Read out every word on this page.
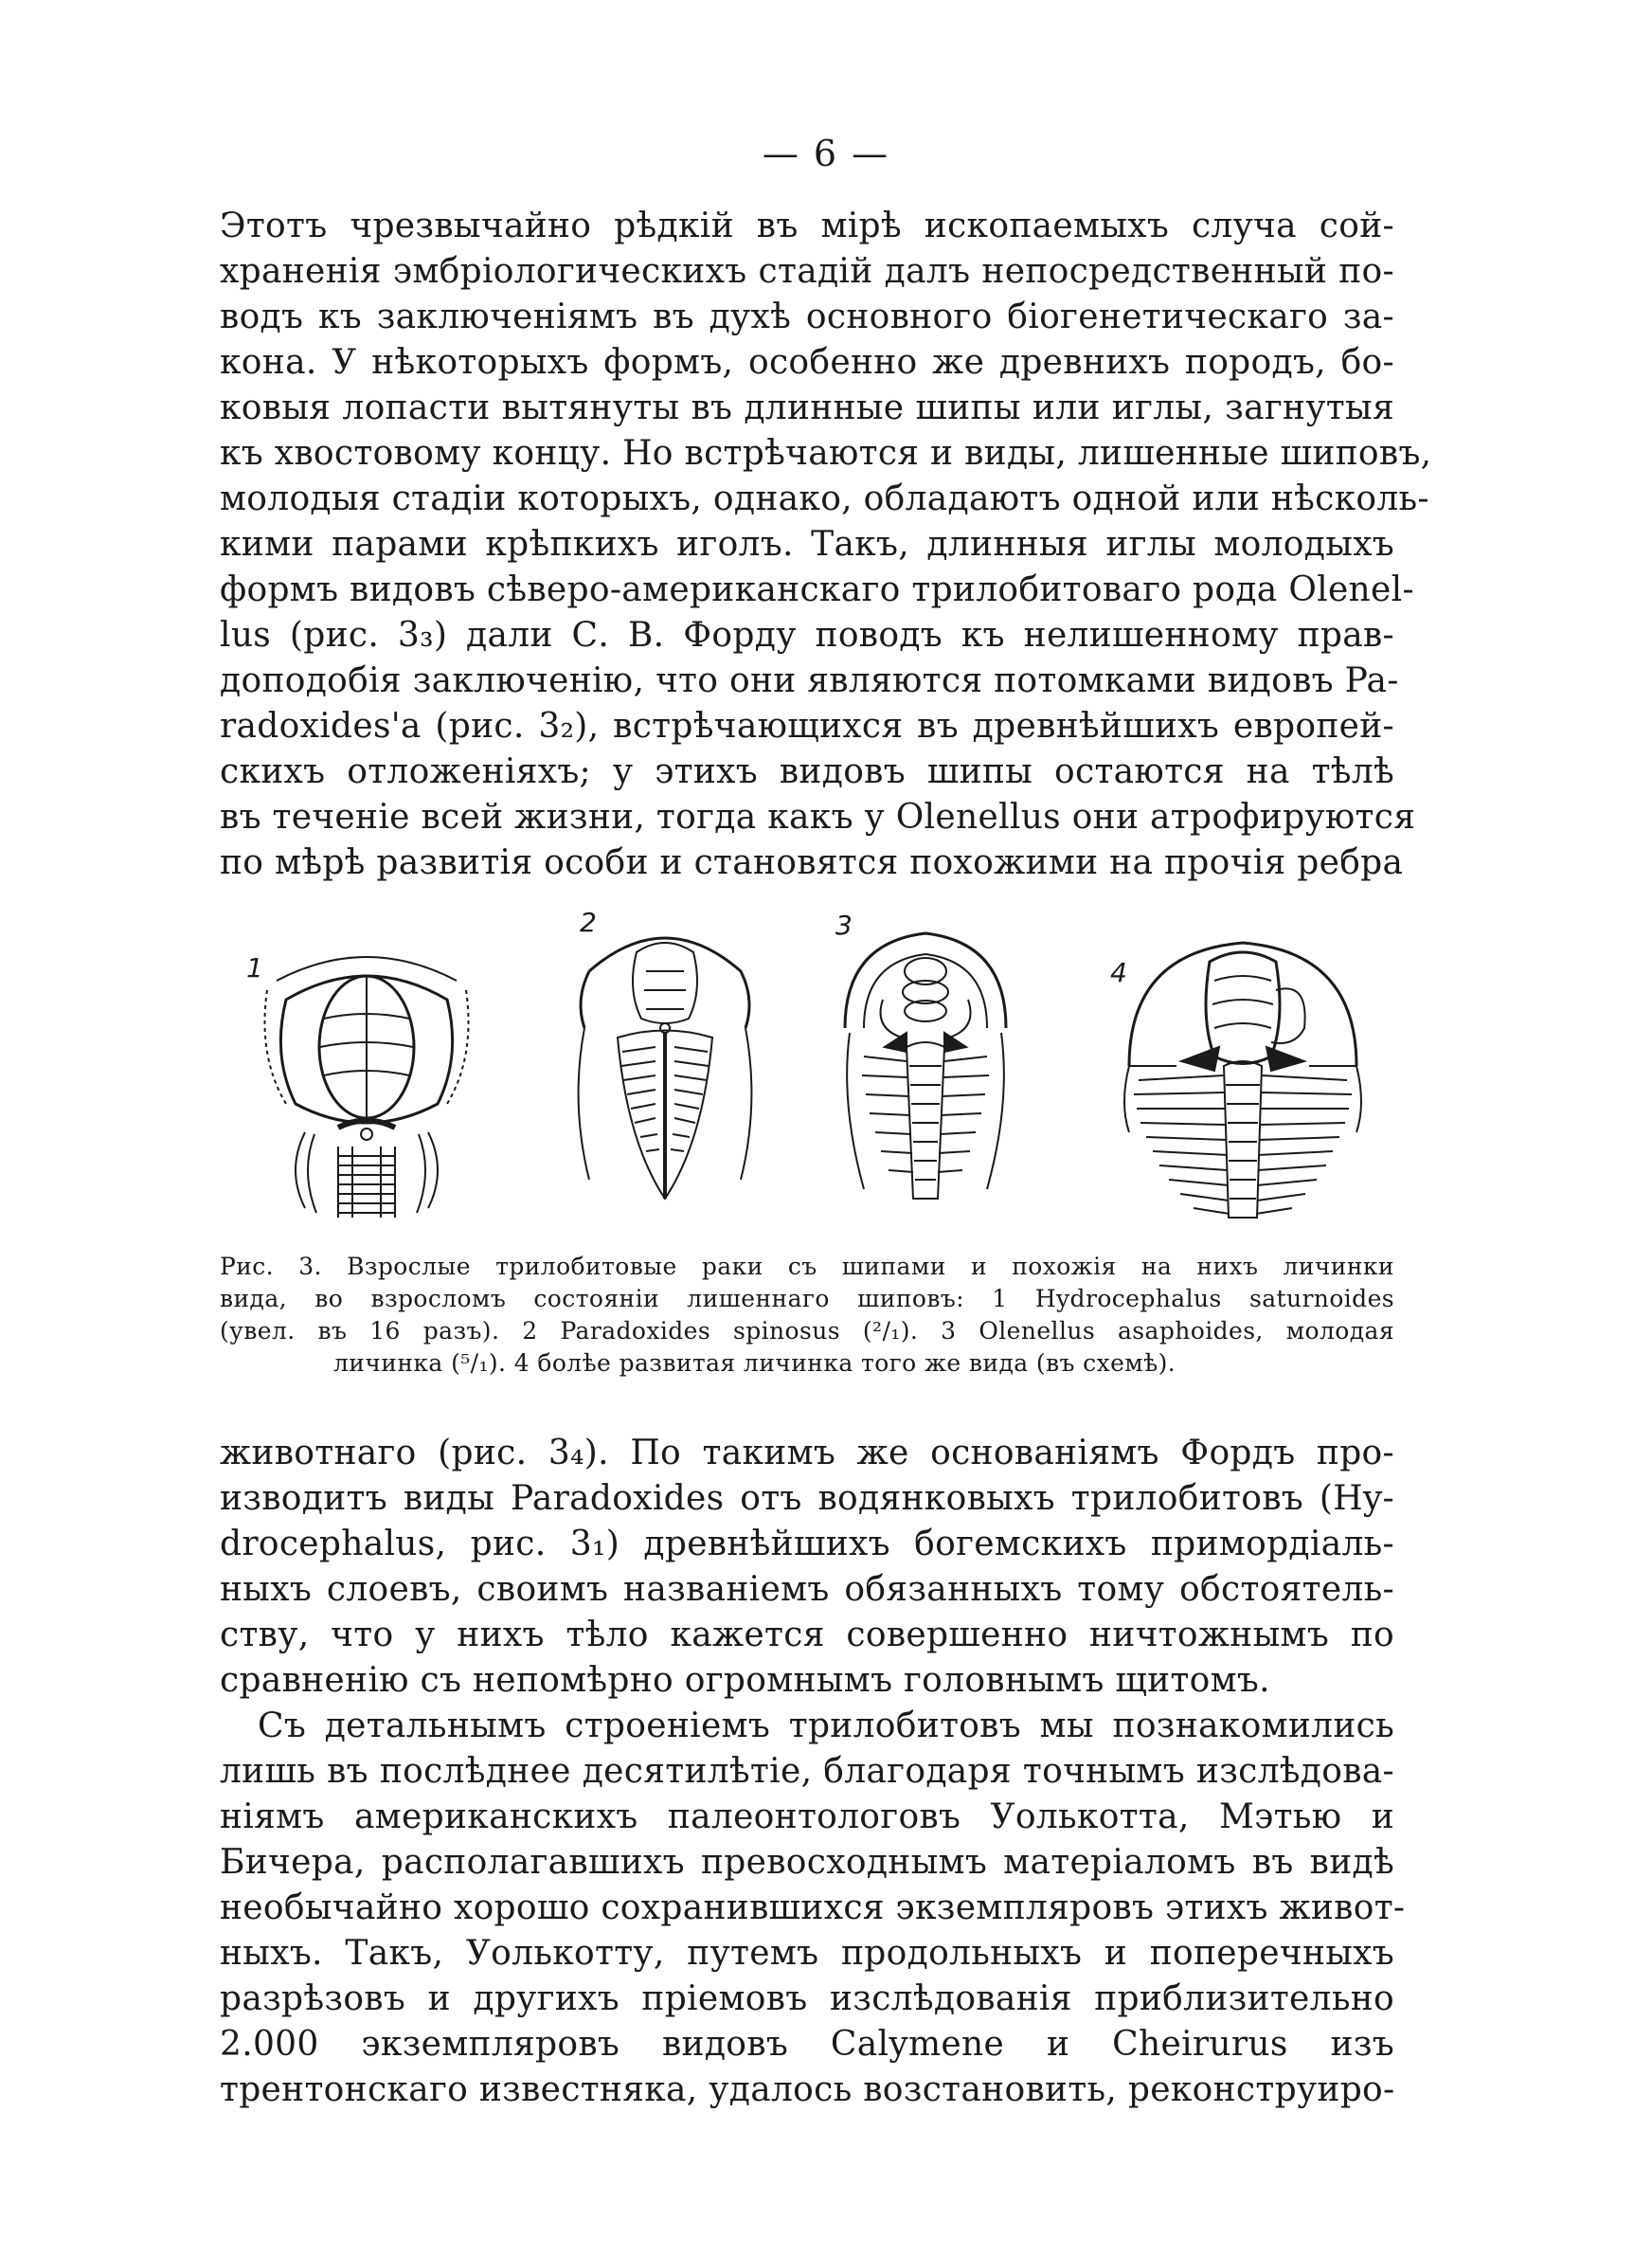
— 6 —
Этотъ чрезвычайно рѣдкій въ мірѣ ископаемыхъ случа сой-
храненія эмбріологическихъ стадій далъ непосредственный по-
водъ къ заключеніямъ въ духѣ основного біогенетическаго за-
кона. У нѣкоторыхъ формъ, особенно же древнихъ породъ, бо-
ковыя лопасти вытянуты въ длинные шипы или иглы, загнутыя
къ хвостовому концу. Но встрѣчаются и виды, лишенные шиповъ,
молодыя стадіи которыхъ, однако, обладаютъ одной или нѣсколь-
кими парами крѣпкихъ иголъ. Такъ, длинныя иглы молодыхъ
формъ видовъ сѣверо-американскаго трилобитоваго рода Olenel-
lus (рис. 3₃) дали С. В. Форду поводъ къ нелишенному прав-
доподобія заключенію, что они являются потомками видовъ Pa-
radoxides'a (рис. 3₂), встрѣчающихся въ древнѣйшихъ европей-
скихъ отложеніяхъ; у этихъ видовъ шипы остаются на тѣлѣ
въ теченіе всей жизни, тогда какъ у Olenellus они атрофируются
по мѣрѣ развитія особи и становятся похожими на прочія ребра
1
2	3
4
Рис. 3. Взрослые трилобитовые раки съ шипами и похожія на нихъ личинки
вида, во взросломъ состояніи лишеннаго шиповъ: 1 Hydrocephalus saturnoides
(увел. въ 16 разъ). 2 Paradoxides spinosus (²/₁). 3 Olenellus asaphoides, молодая
личинка (⁵/₁). 4 болѣе развитая личинка того же вида (въ схемѣ).
животнаго (рис. 3₄). По такимъ же основаніямъ Фордъ про-
изводитъ виды Paradoxides отъ водянковыхъ трилобитовъ (Hy-
drocephalus, рис. 3₁) древнѣйшихъ богемскихъ примордіаль-
ныхъ слоевъ, своимъ названіемъ обязанныхъ тому обстоятель-
ству, что у нихъ тѣло кажется совершенно ничтожнымъ по
сравненію съ непомѣрно огромнымъ головнымъ щитомъ.
Съ детальнымъ строеніемъ трилобитовъ мы познакомились
лишь въ послѣднее десятилѣтіе, благодаря точнымъ изслѣдова-
ніямъ американскихъ палеонтологовъ Уолькотта, Мэтью и
Бичера, располагавшихъ превосходнымъ матеріаломъ въ видѣ
необычайно хорошо сохранившихся экземпляровъ этихъ живот-
ныхъ. Такъ, Уолькотту, путемъ продольныхъ и поперечныхъ
разрѣзовъ и другихъ пріемовъ изслѣдованія приблизительно
2.000 экземпляровъ видовъ Calymene и Cheirurus изъ
трентонскаго известняка, удалось возстановить, реконструиро-
